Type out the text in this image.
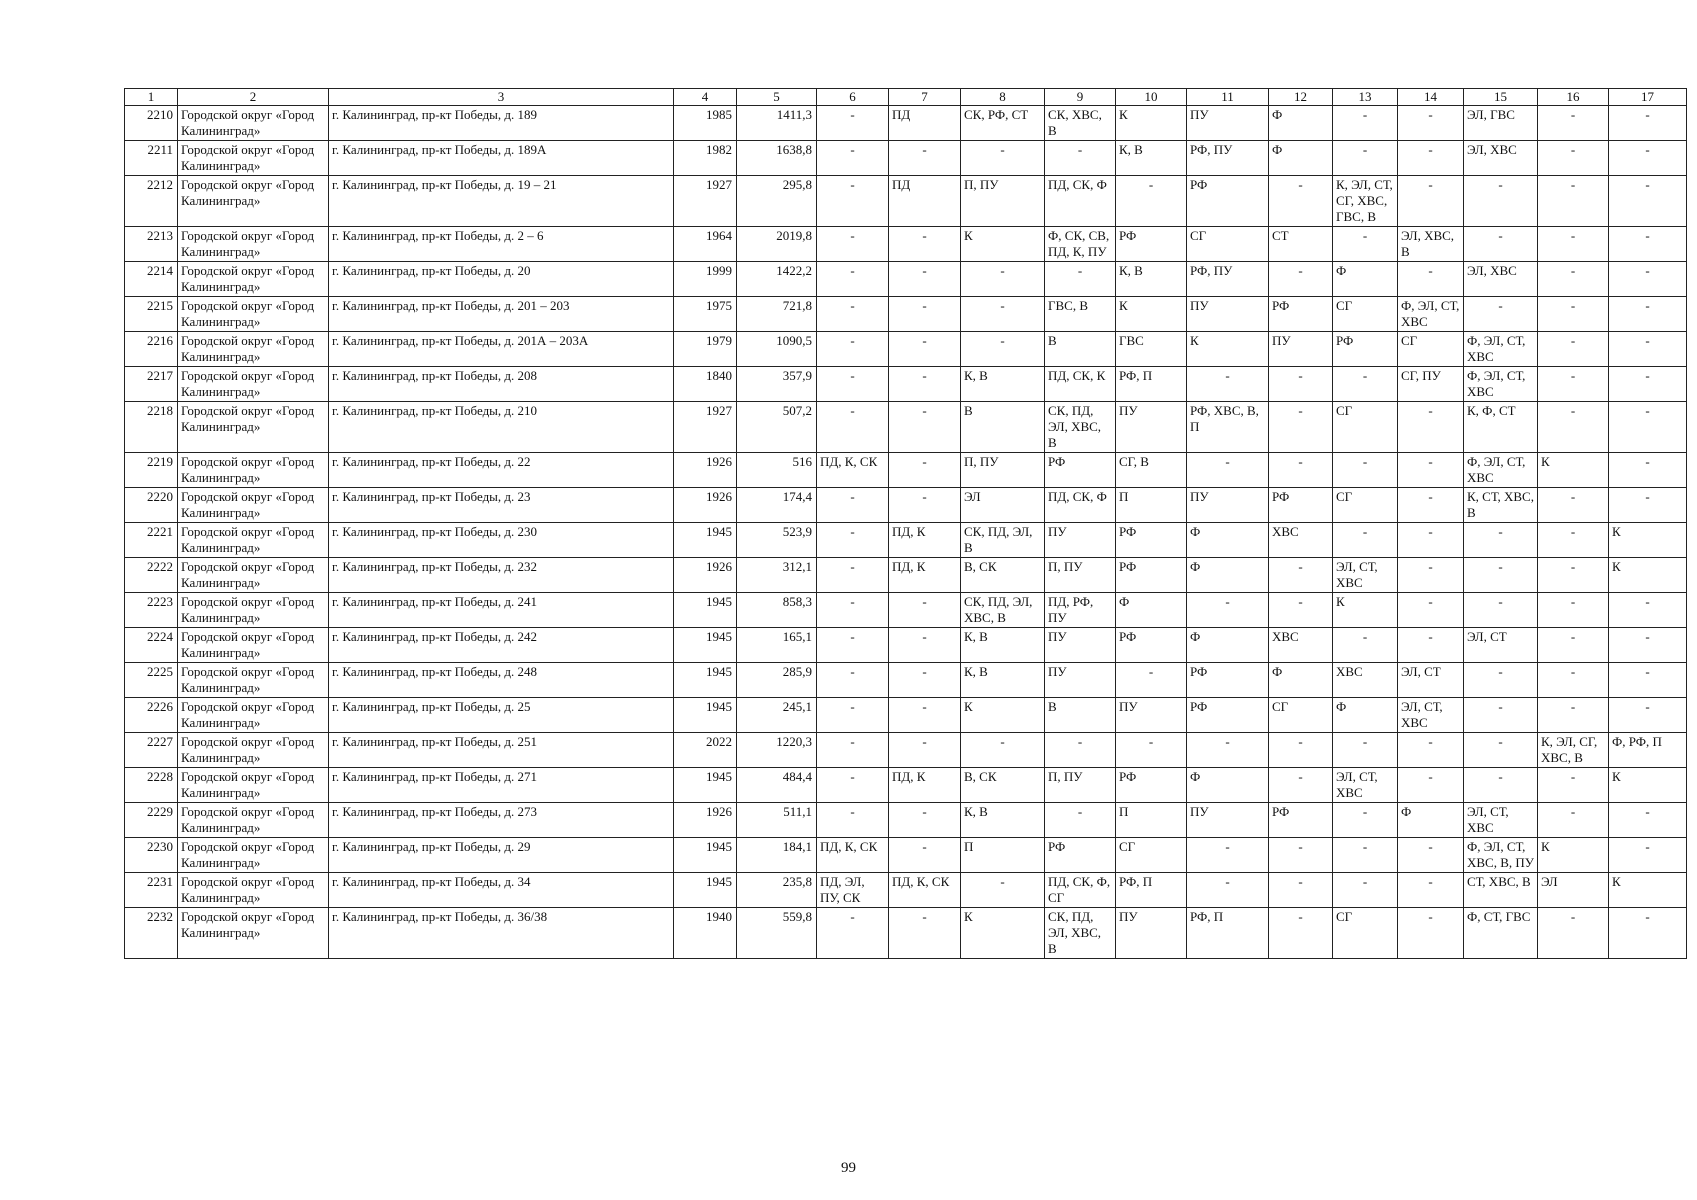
1	2	3	4	5	6	7	8	9	10	11	12	13	14	15	16	17
2210	Городской округ «Город Калининград»	г. Калининград, пр-кт Победы, д. 189	1985	1411,3	-	ПД	СК, РФ, СТ	СК, ХВС, В	К	ПУ	Ф	-	-	ЭЛ, ГВС	-	-
2211	Городской округ «Город Калининград»	г. Калининград, пр-кт Победы, д. 189А	1982	1638,8	-	-	-	-	К, В	РФ, ПУ	Ф	-	-	ЭЛ, ХВС	-	-
2212	Городской округ «Город Калининград»	г. Калининград, пр-кт Победы, д. 19 – 21	1927	295,8	-	ПД	П, ПУ	ПД, СК, Ф	-	РФ	-	К, ЭЛ, СТ, СГ, ХВС, ГВС, В	-	-	-	-
2213	Городской округ «Город Калининград»	г. Калининград, пр-кт Победы, д. 2 – 6	1964	2019,8	-	-	К	Ф, СК, СВ, ПД, К, ПУ	РФ	СГ	СТ	-	ЭЛ, ХВС, В	-	-	-
2214	Городской округ «Город Калининград»	г. Калининград, пр-кт Победы, д. 20	1999	1422,2	-	-	-	-	К, В	РФ, ПУ	-	Ф	-	ЭЛ, ХВС	-	-
2215	Городской округ «Город Калининград»	г. Калининград, пр-кт Победы, д. 201 – 203	1975	721,8	-	-	-	ГВС, В	К	ПУ	РФ	СГ	Ф, ЭЛ, СТ, ХВС	-	-	-
2216	Городской округ «Город Калининград»	г. Калининград, пр-кт Победы, д. 201А – 203А	1979	1090,5	-	-	-	В	ГВС	К	ПУ	РФ	СГ	Ф, ЭЛ, СТ, ХВС	-	-
2217	Городской округ «Город Калининград»	г. Калининград, пр-кт Победы, д. 208	1840	357,9	-	-	К, В	ПД, СК, К	РФ, П	-	-	-	СГ, ПУ	Ф, ЭЛ, СТ, ХВС	-	-
2218	Городской округ «Город Калининград»	г. Калининград, пр-кт Победы, д. 210	1927	507,2	-	-	В	СК, ПД, ЭЛ, ХВС, В	ПУ	РФ, ХВС, В, П	-	СГ	-	К, Ф, СТ	-	-
2219	Городской округ «Город Калининград»	г. Калининград, пр-кт Победы, д. 22	1926	516	ПД, К, СК	-	П, ПУ	РФ	СГ, В	-	-	-	-	Ф, ЭЛ, СТ, ХВС	К	-
2220	Городской округ «Город Калининград»	г. Калининград, пр-кт Победы, д. 23	1926	174,4	-	-	ЭЛ	ПД, СК, Ф	П	ПУ	РФ	СГ	-	К, СТ, ХВС, В	-	-
2221	Городской округ «Город Калининград»	г. Калининград, пр-кт Победы, д. 230	1945	523,9	-	ПД, К	СК, ПД, ЭЛ, В	ПУ	РФ	Ф	ХВС	-	-	-	-	К
2222	Городской округ «Город Калининград»	г. Калининград, пр-кт Победы, д. 232	1926	312,1	-	ПД, К	В, СК	П, ПУ	РФ	Ф	-	ЭЛ, СТ, ХВС	-	-	-	К
2223	Городской округ «Город Калининград»	г. Калининград, пр-кт Победы, д. 241	1945	858,3	-	-	СК, ПД, ЭЛ, ХВС, В	ПД, РФ, ПУ	Ф	-	-	К	-	-	-	-
2224	Городской округ «Город Калининград»	г. Калининград, пр-кт Победы, д. 242	1945	165,1	-	-	К, В	ПУ	РФ	Ф	ХВС	-	-	ЭЛ, СТ	-	-
2225	Городской округ «Город Калининград»	г. Калининград, пр-кт Победы, д. 248	1945	285,9	-	-	К, В	ПУ	-	РФ	Ф	ХВС	ЭЛ, СТ	-	-	-
2226	Городской округ «Город Калининград»	г. Калининград, пр-кт Победы, д. 25	1945	245,1	-	-	К	В	ПУ	РФ	СГ	Ф	ЭЛ, СТ, ХВС	-	-	-
2227	Городской округ «Город Калининград»	г. Калининград, пр-кт Победы, д. 251	2022	1220,3	-	-	-	-	-	-	-	-	-	-	К, ЭЛ, СГ, ХВС, В	Ф, РФ, П
2228	Городской округ «Город Калининград»	г. Калининград, пр-кт Победы, д. 271	1945	484,4	-	ПД, К	В, СК	П, ПУ	РФ	Ф	-	ЭЛ, СТ, ХВС	-	-	-	К
2229	Городской округ «Город Калининград»	г. Калининград, пр-кт Победы, д. 273	1926	511,1	-	-	К, В	-	П	ПУ	РФ	-	Ф	ЭЛ, СТ, ХВС	-	-
2230	Городской округ «Город Калининград»	г. Калининград, пр-кт Победы, д. 29	1945	184,1	ПД, К, СК	-	П	РФ	СГ	-	-	-	-	Ф, ЭЛ, СТ, ХВС, В, ПУ	К	-
2231	Городской округ «Город Калининград»	г. Калининград, пр-кт Победы, д. 34	1945	235,8	ПД, ЭЛ, ПУ, СК	ПД, К, СК	-	ПД, СК, Ф, СГ	РФ, П	-	-	-	-	СТ, ХВС, В	ЭЛ	К
2232	Городской округ «Город Калининград»	г. Калининград, пр-кт Победы, д. 36/38	1940	559,8	-	-	К	СК, ПД, ЭЛ, ХВС, В	ПУ	РФ, П	-	СГ	-	Ф, СТ, ГВС	-	-
99
